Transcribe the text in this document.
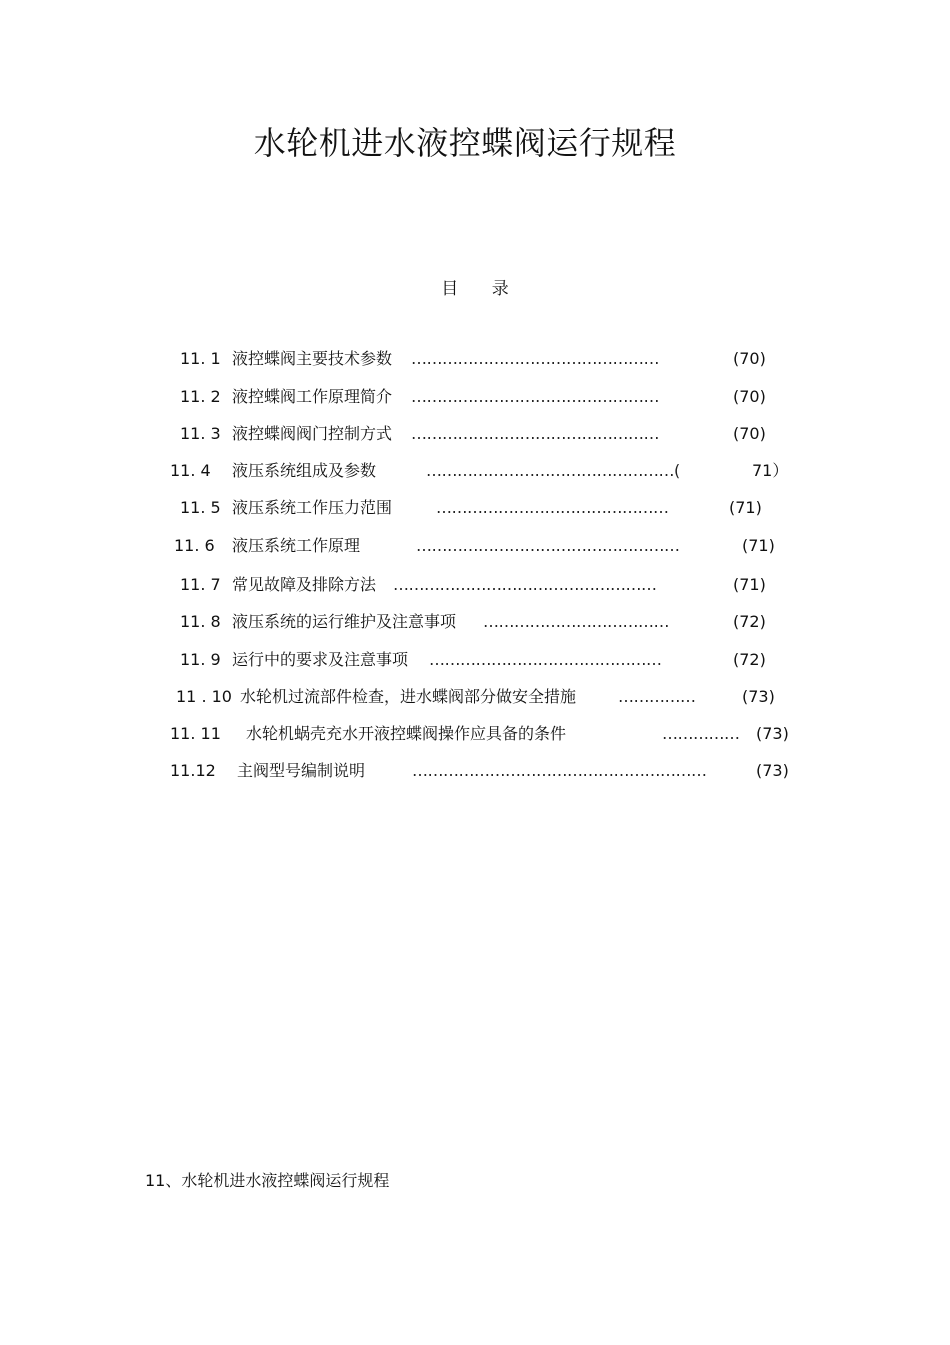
水轮机进水液控蝶阀运行规程
目 录
11. 1 液控蝶阀主要技术参数 …………………………………………	(70)
11. 2 液控蝶阀工作原理简介 …………………………………………	(70)
11. 3 液控蝶阀阀门控制方式 …………………………………………	(70)
11. 4 液压系统组成及参数	…………………………………………(	71）
11. 5 液压系统工作压力范围	………………………………………	(71)
11. 6 液压系统工作原理	……………………………………………	(71)
11. 7 常见故障及排除方法 ……………………………………………	(71)
11. 8 液压系统的运行维护及注意事项 ………………………………	(72)
11. 9 运行中的要求及注意事项 ………………………………………	(72)
11 . 10 水轮机过流部件检查，进水蝶阀部分做安全措施	……………	(73)
11. 11 水轮机蜗壳充水开液控蝶阀操作应具备的条件	……………	(73)
11.12 主阀型号编制说明	…………………………………………………	(73)
11、水轮机进水液控蝶阀运行规程
